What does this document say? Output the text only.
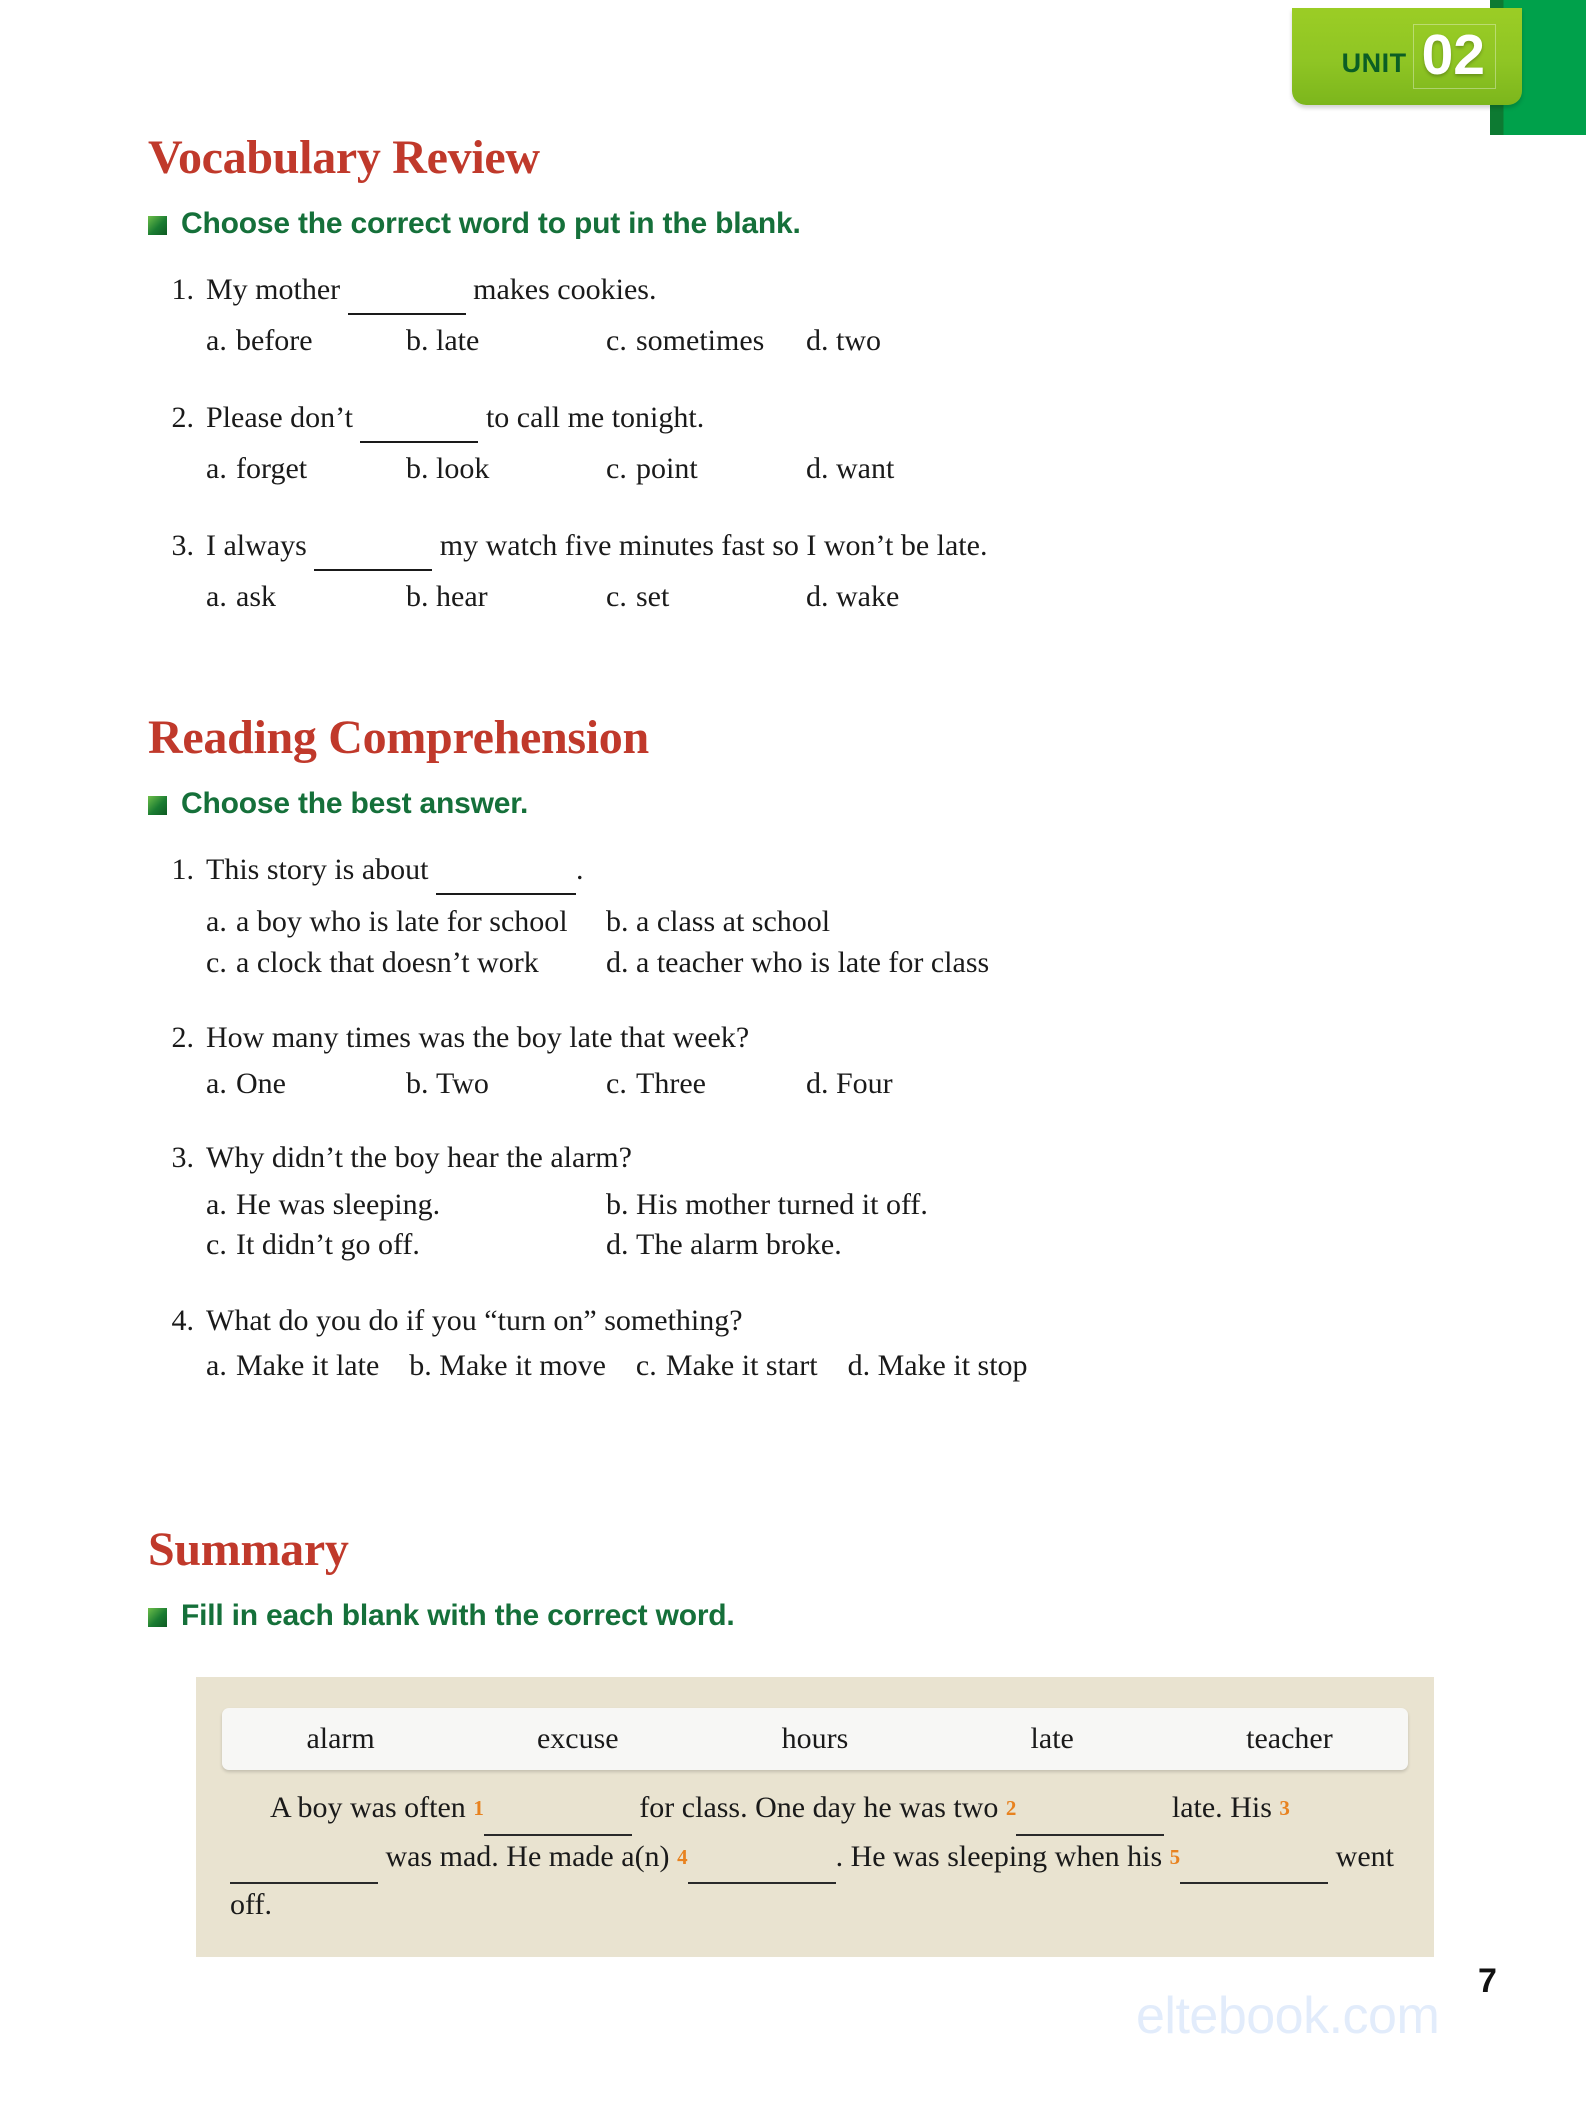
UNIT 02
Vocabulary Review
Choose the correct word to put in the blank.
1. My mother	makes cookies.
a. before	b. late	c. sometimes	d. two
2. Please don’t	to call me tonight.
a. forget	b. look	c. point	d. want
3. I always	my watch five minutes fast so I won’t be late.
a. ask	b. hear	c. set	d. wake
Reading Comprehension
Choose the best answer.
1. This story is about	.
a. a boy who is late for school	b. a class at school
c. a clock that doesn’t work	d. a teacher who is late for class
2. How many times was the boy late that week?
a. One	b. Two	c. Three	d. Four
3. Why didn’t the boy hear the alarm?
a. He was sleeping.	b. His mother turned it off.
c. It didn’t go off.	d. The alarm broke.
4. What do you do if you “turn on” something?
a. Make it late b. Make it move c. Make it start d. Make it stop
Summary
Fill in each blank with the correct word.
alarm	excuse	hours	late	teacher
A boy was often 1	for class. One day he was two 2	late. His 3  was mad. He made a(n) 4	. He was sleeping when his 5	went off.
eltebook.com
7
